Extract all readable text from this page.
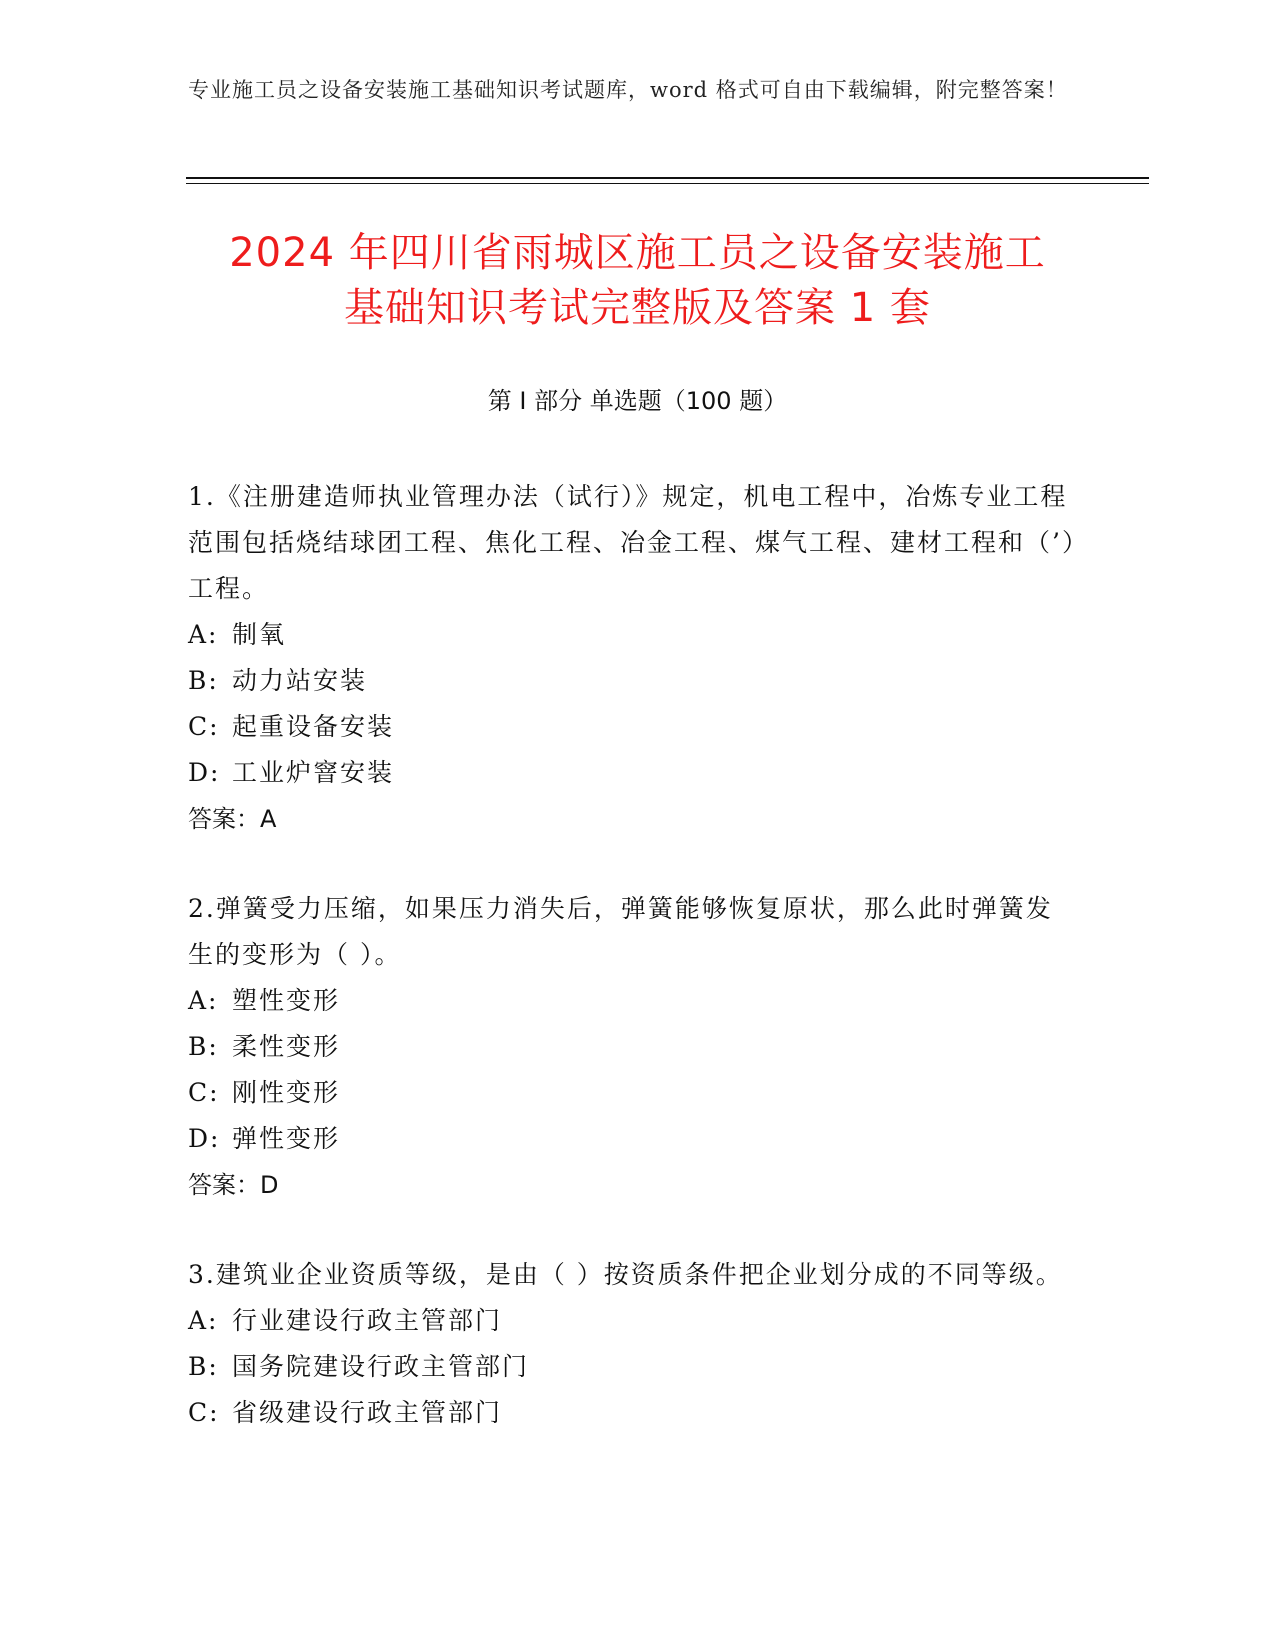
专业施工员之设备安装施工基础知识考试题库，word 格式可自由下载编辑，附完整答案！
2024 年四川省雨城区施工员之设备安装施工
基础知识考试完整版及答案 1 套
第 I 部分 单选题（100 题）

1.《注册建造师执业管理办法（试行）》规定，机电工程中，冶炼专业工程范围包括烧结球团工程、焦化工程、冶金工程、煤气工程、建材工程和（’）工程。

A: 制氧

B: 动力站安装

C: 起重设备安装

D: 工业炉窨安装

答案：A

2.弹簧受力压缩，如果压力消失后，弹簧能够恢复原状，那么此时弹簧发生的变形为（ ）。

A: 塑性变形

B: 柔性变形

C: 刚性变形

D: 弹性变形

答案：D

3.建筑业企业资质等级，是由（ ）按资质条件把企业划分成的不同等级。

A: 行业建设行政主管部门

B: 国务院建设行政主管部门

C: 省级建设行政主管部门
